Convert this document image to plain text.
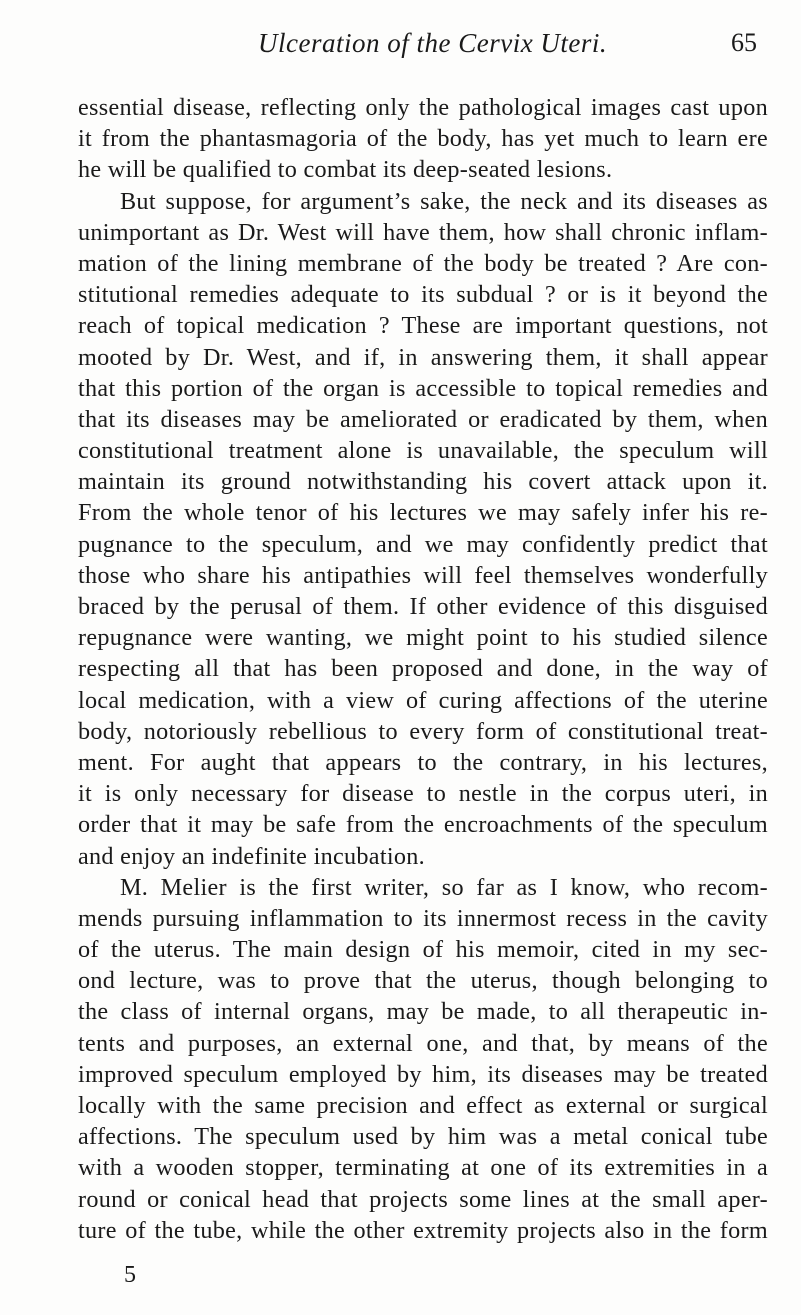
Ulceration of the Cervix Uteri.	65
essential disease, reflecting only the pathological images cast upon
it from the phantasmagoria of the body, has yet much to learn ere
he will be qualified to combat its deep-seated lesions.
But suppose, for argument’s sake, the neck and its diseases as
unimportant as Dr. West will have them, how shall chronic inflam-
mation of the lining membrane of the body be treated ? Are con-
stitutional remedies adequate to its subdual ? or is it beyond the
reach of topical medication ? These are important questions, not
mooted by Dr. West, and if, in answering them, it shall appear
that this portion of the organ is accessible to topical remedies and
that its diseases may be ameliorated or eradicated by them, when
constitutional treatment alone is unavailable, the speculum will
maintain its ground notwithstanding his covert attack upon it.
From the whole tenor of his lectures we may safely infer his re-
pugnance to the speculum, and we may confidently predict that
those who share his antipathies will feel themselves wonderfully
braced by the perusal of them. If other evidence of this disguised
repugnance were wanting, we might point to his studied silence
respecting all that has been proposed and done, in the way of
local medication, with a view of curing affections of the uterine
body, notoriously rebellious to every form of constitutional treat-
ment. For aught that appears to the contrary, in his lectures,
it is only necessary for disease to nestle in the corpus uteri, in
order that it may be safe from the encroachments of the speculum
and enjoy an indefinite incubation.
M. Melier is the first writer, so far as I know, who recom-
mends pursuing inflammation to its innermost recess in the cavity
of the uterus. The main design of his memoir, cited in my sec-
ond lecture, was to prove that the uterus, though belonging to
the class of internal organs, may be made, to all therapeutic in-
tents and purposes, an external one, and that, by means of the
improved speculum employed by him, its diseases may be treated
locally with the same precision and effect as external or surgical
affections. The speculum used by him was a metal conical tube
with a wooden stopper, terminating at one of its extremities in a
round or conical head that projects some lines at the small aper-
ture of the tube, while the other extremity projects also in the form
5
